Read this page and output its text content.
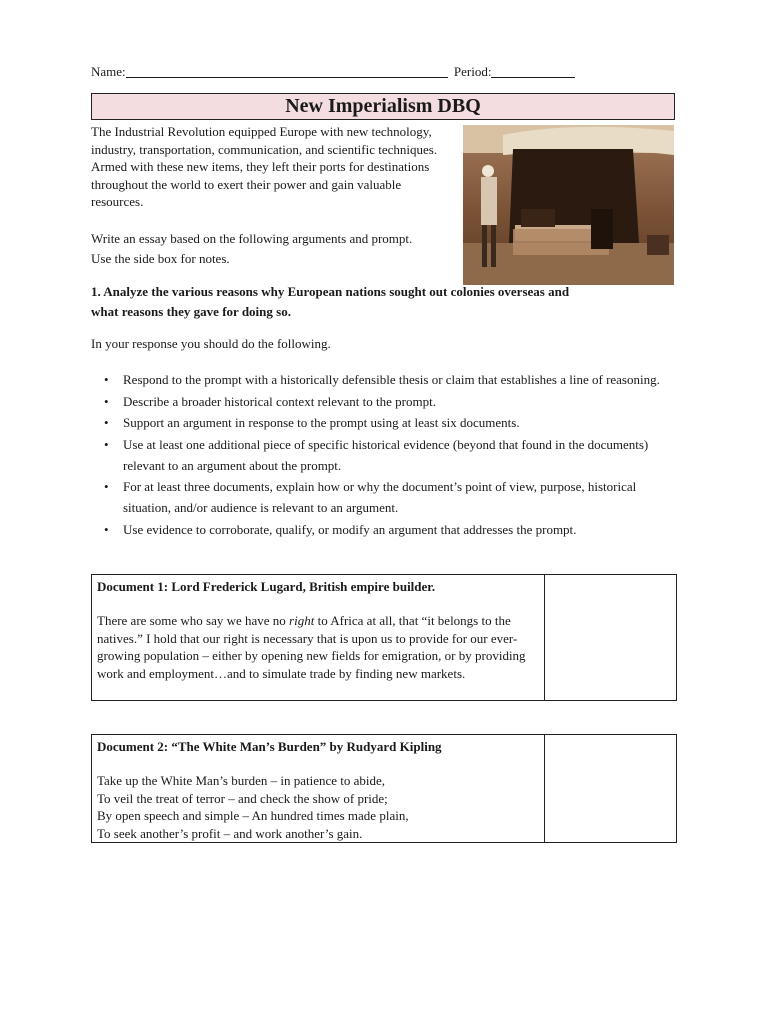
Name:	Period:
New Imperialism DBQ

The Industrial Revolution equipped Europe with new technology, industry, transportation, communication, and scientific techniques. Armed with these new items, they left their ports for destinations throughout the world to exert their power and gain valuable resources.

Write an essay based on the following arguments and prompt. Use the side box for notes.

1. Analyze the various reasons why European nations sought out colonies overseas and what reasons they gave for doing so.

In your response you should do the following.

•	Respond to the prompt with a historically defensible thesis or claim that establishes a line of reasoning.
•	Describe a broader historical context relevant to the prompt.
•	Support an argument in response to the prompt using at least six documents.
•	Use at least one additional piece of specific historical evidence (beyond that found in the documents) relevant to an argument about the prompt.
•	For at least three documents, explain how or why the document’s point of view, purpose, historical situation, and/or audience is relevant to an argument.
•	Use evidence to corroborate, qualify, or modify an argument that addresses the prompt.

Document 1: Lord Frederick Lugard, British empire builder.

There are some who say we have no right to Africa at all, that “it belongs to the natives.” I hold that our right is necessary that is upon us to provide for our ever-growing population – either by opening new fields for emigration, or by providing work and employment…and to simulate trade by finding new markets.

Document 2: “The White Man’s Burden” by Rudyard Kipling

Take up the White Man’s burden – in patience to abide,

To veil the treat of terror – and check the show of pride;

By open speech and simple – An hundred times made plain,

To seek another’s profit – and work another’s gain.
